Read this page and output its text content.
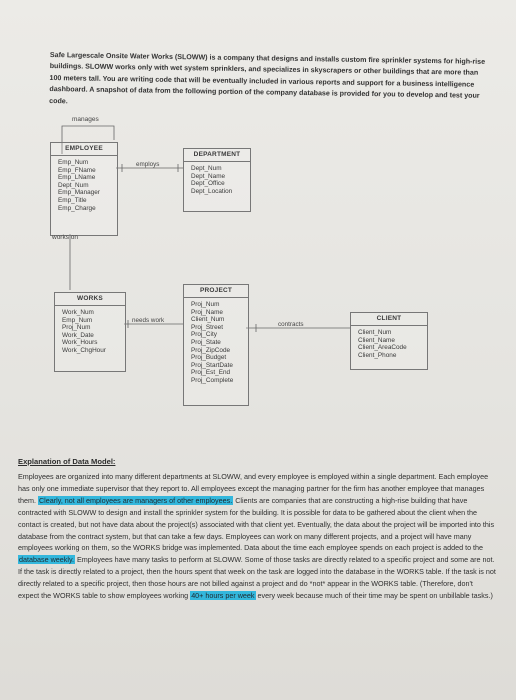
Safe Largescale Onsite Water Works (SLOWW) is a company that designs and installs custom fire sprinkler systems for high-rise buildings. SLOWW works only with wet system sprinklers, and specializes in skyscrapers or other buildings that are more than 100 meters tall. You are writing code that will be eventually included in various reports and support for a business intelligence dashboard. A snapshot of data from the following portion of the company database is provided for you to develop and test your code.
manages
EMPLOYEE
Emp_Num
Emp_FName
Emp_LName
Dept_Num
Emp_Manager
Emp_Title
Emp_Charge
employs
DEPARTMENT
Dept_Num
Dept_Name
Dept_Office
Dept_Location
works on
WORKS
Work_Num
Emp_Num
Proj_Num
Work_Date
Work_Hours
Work_ChgHour
needs work
PROJECT
Proj_Num
Proj_Name
Client_Num
Proj_Street
Proj_City
Proj_State
Proj_ZipCode
Proj_Budget
Proj_StartDate
Proj_Est_End
Proj_Complete
contracts
CLIENT
Client_Num
Client_Name
Client_AreaCode
Client_Phone
Explanation of Data Model:
Employees are organized into many different departments at SLOWW, and every employee is employed within a single department. Each employee has only one immediate supervisor that they report to. All employees except the managing partner for the firm has another employee that manages them. Clearly, not all employees are managers of other employees. Clients are companies that are constructing a high-rise building that have contracted with SLOWW to design and install the sprinkler system for the building. It is possible for data to be gathered about the client when the contact is created, but not have data about the project(s) associated with that client yet. Eventually, the data about the project will be imported into this database from the contract system, but that can take a few days. Employees can work on many different projects, and a project will have many employees working on them, so the WORKS bridge was implemented. Data about the time each employee spends on each project is added to the database weekly. Employees have many tasks to perform at SLOWW. Some of those tasks are directly related to a specific project and some are not. If the task is directly related to a project, then the hours spent that week on the task are logged into the database in the WORKS table. If the task is not directly related to a specific project, then those hours are not billed against a project and do *not* appear in the WORKS table. (Therefore, don't expect the WORKS table to show employees working 40+ hours per week every week because much of their time may be spent on unbillable tasks.)
